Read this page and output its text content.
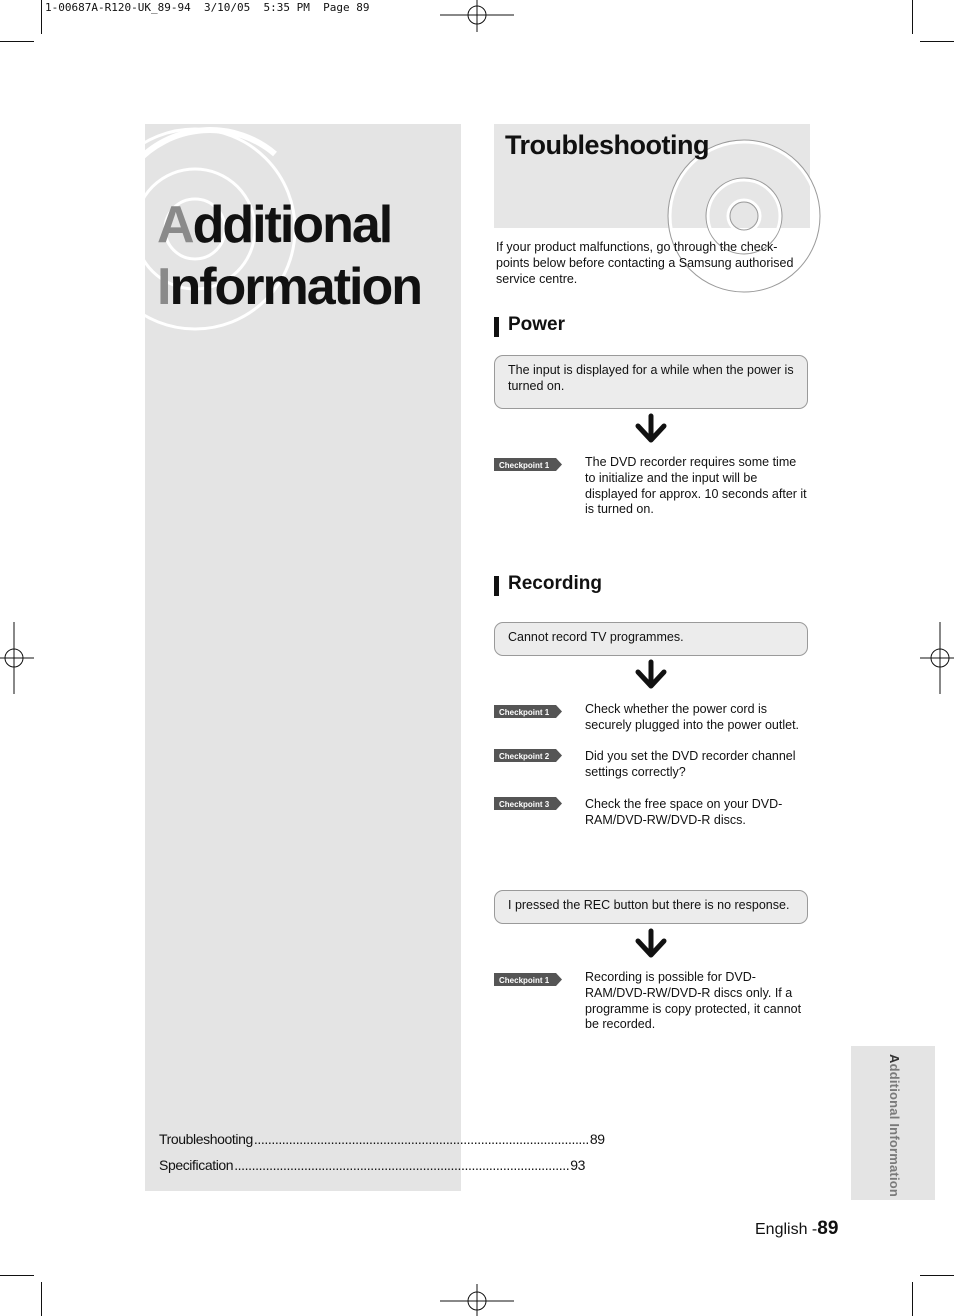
1-00687A-R120-UK_89-94  3/10/05  5:35 PM  Page 89
Additional
Information
Troubleshooting ................................................................................................ 89
Specification ................................................................................................ 93
Troubleshooting
If your product malfunctions, go through the check-points below before contacting a Samsung authorised service centre.
Power
The input is displayed for a while when the power is turned on.
Checkpoint 1	The DVD recorder requires some time to initialize and the input will be displayed for approx. 10 seconds after it is turned on.
Recording
Cannot record TV programmes.
Checkpoint 1	Check whether the power cord is securely plugged into the power outlet.
Checkpoint 2	Did you set the DVD recorder channel settings correctly?
Checkpoint 3	Check the free space on your DVD-RAM/DVD-RW/DVD-R discs.
I pressed the REC button but there is no response.
Checkpoint 1	Recording is possible for DVD-RAM/DVD-RW/DVD-R discs only. If a programme is copy protected, it cannot be recorded.
Additional Information
English -89
